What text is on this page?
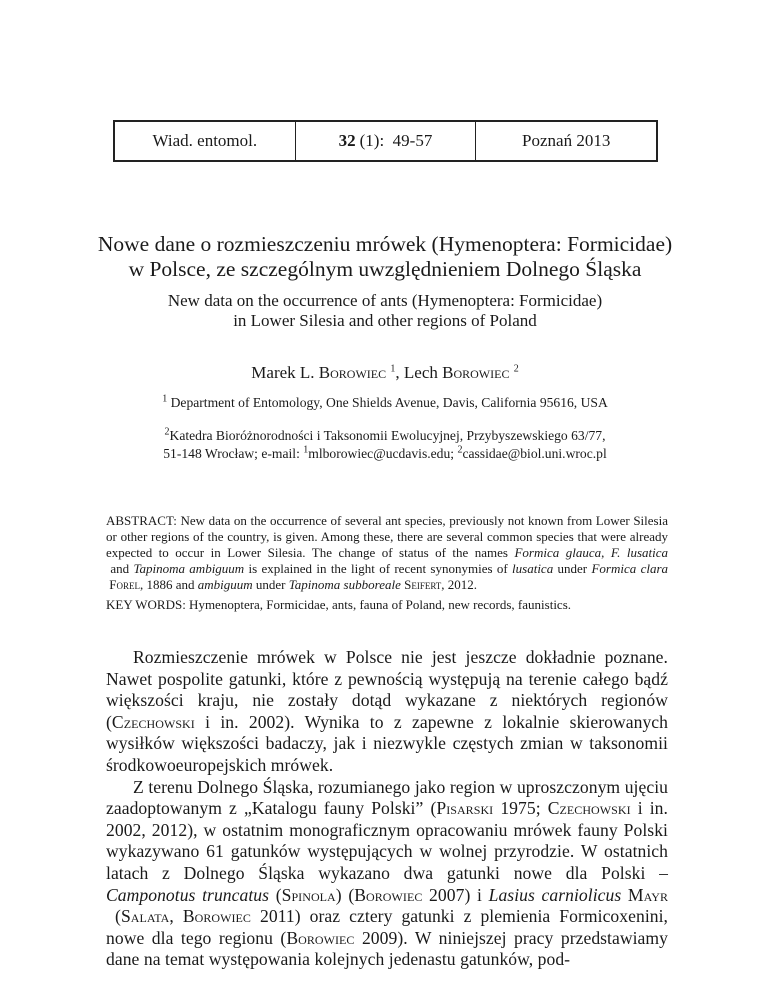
Wiad. entomol.	32 (1):  49-57	Poznań 2013
Nowe dane o rozmieszczeniu mrówek (Hymenoptera: Formicidae)
w Polsce, ze szczególnym uwzględnieniem Dolnego Śląska
New data on the occurrence of ants (Hymenoptera: Formicidae)
in Lower Silesia and other regions of Poland
Marek L. Borowiec $^1$, Lech Borowiec $^2$
$^1$ Department of Entomology, One Shields Avenue, Davis, California 95616, USA
$^2$Katedra Bioróżnorodności i Taksonomii Ewolucyjnej, Przybyszewskiego 63/77,
51-148 Wrocław; e-mail: $^1$mlborowiec@ucdavis.edu; $^2$cassidae@biol.uni.wroc.pl
ABSTRACT: New data on the occurrence of several ant species, previously not known from Lower Silesia or other regions of the country, is given. Among these, there are several common species that were already expected to occur in Lower Silesia. The change of status of the names Formica glauca, F. lusatica and Tapinoma ambiguum is explained in the light of recent synonymies of lusatica under Formica clara Forel, 1886 and ambiguum under Tapinoma subboreale Seifert, 2012.
KEY WORDS: Hymenoptera, Formicidae, ants, fauna of Poland, new records, faunistics.

Rozmieszczenie mrówek w Polsce nie jest jeszcze dokładnie poznane. Nawet pospolite gatunki, które z pewnością występują na terenie całego bądź większości kraju, nie zostały dotąd wykazane z niektórych regionów (Czechowski i in. 2002). Wynika to z zapewne z lokalnie skierowanych wysiłków większości badaczy, jak i niezwykle częstych zmian w taksonomii środkowoeuropejskich mrówek.

Z terenu Dolnego Śląska, rozumianego jako region w uproszczonym ujęciu zaadoptowanym z „Katalogu fauny Polski” (Pisarski 1975; Czechowski i in. 2002, 2012), w ostatnim monograficznym opracowaniu mrówek fauny Polski wykazywano 61 gatunków występujących w wolnej przyrodzie. W ostatnich latach z Dolnego Śląska wykazano dwa gatunki nowe dla Polski – Camponotus truncatus (Spinola) (Borowiec 2007) i Lasius carniolicus Mayr (Salata, Borowiec 2011) oraz cztery gatunki z plemienia Formicoxenini, nowe dla tego regionu (Borowiec 2009). W niniejszej pracy przedstawiamy dane na temat występowania kolejnych jedenastu gatunków, pod-
